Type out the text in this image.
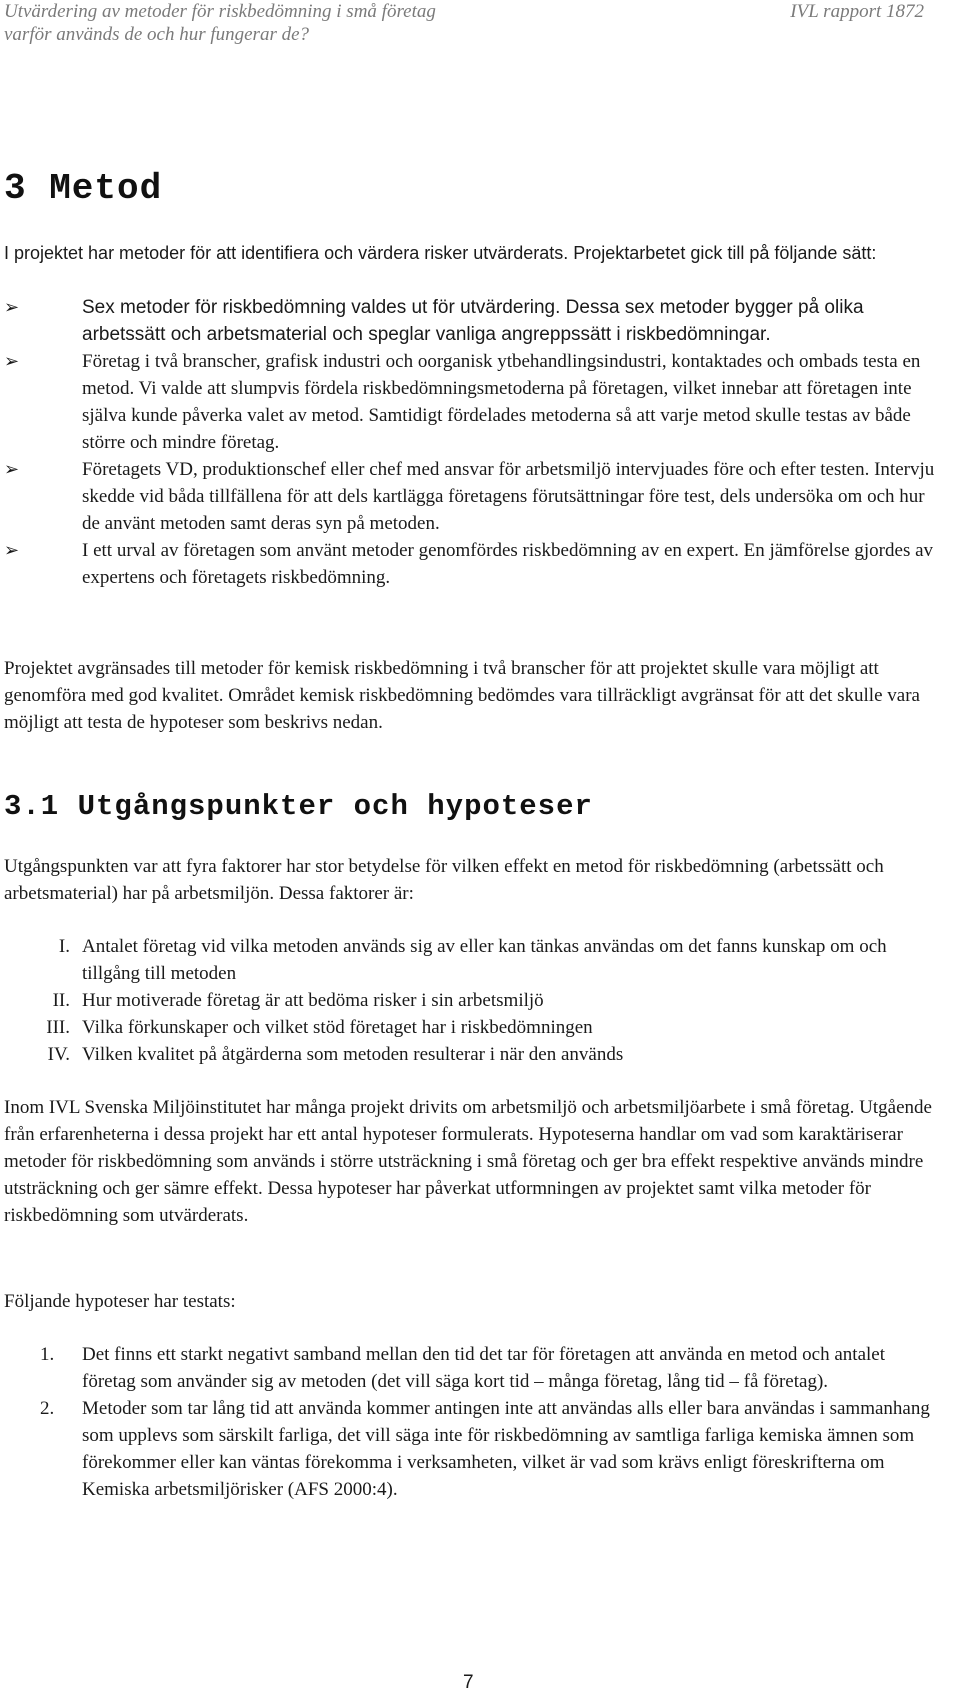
Utvärdering av metoder för riskbedömning i små företag
varför används de och hur fungerar de?
IVL rapport 1872
3 Metod

I projektet har metoder för att identifiera och värdera risker utvärderats. Projektarbetet gick till på följande sätt:

➢	Sex metoder för riskbedömning valdes ut för utvärdering. Dessa sex metoder bygger på olika arbetssätt och arbetsmaterial och speglar vanliga angreppssätt i riskbedömningar.
➢	Företag i två branscher, grafisk industri och oorganisk ytbehandlingsindustri, kontaktades och ombads testa en metod. Vi valde att slumpvis fördela riskbedömningsmetoderna på företagen, vilket innebar att företagen inte själva kunde påverka valet av metod. Samtidigt fördelades metoderna så att varje metod skulle testas av både större och mindre företag.
➢	Företagets VD, produktionschef eller chef med ansvar för arbetsmiljö intervjuades före och efter testen. Intervju skedde vid båda tillfällena för att dels kartlägga företagens förutsättningar före test, dels undersöka om och hur de använt metoden samt deras syn på metoden.
➢	I ett urval av företagen som använt metoder genomfördes riskbedömning av en expert. En jämförelse gjordes av expertens och företagets riskbedömning.

Projektet avgränsades till metoder för kemisk riskbedömning i två branscher för att projektet skulle vara möjligt att genomföra med god kvalitet. Området kemisk riskbedömning bedömdes vara tillräckligt avgränsat för att det skulle vara möjligt att testa de hypoteser som beskrivs nedan.

3.1 Utgångspunkter och hypoteser

Utgångspunkten var att fyra faktorer har stor betydelse för vilken effekt en metod för riskbedömning (arbetssätt och arbetsmaterial) har på arbetsmiljön. Dessa faktorer är:

I. Antalet företag vid vilka metoden används sig av eller kan tänkas användas om det fanns kunskap om och tillgång till metoden
II. Hur motiverade företag är att bedöma risker i sin arbetsmiljö
III. Vilka förkunskaper och vilket stöd företaget har i riskbedömningen
IV. Vilken kvalitet på åtgärderna som metoden resulterar i när den används

Inom IVL Svenska Miljöinstitutet har många projekt drivits om arbetsmiljö och arbetsmiljöarbete i små företag. Utgående från erfarenheterna i dessa projekt har ett antal hypoteser formulerats. Hypoteserna handlar om vad som karaktäriserar metoder för riskbedömning som används i större utsträckning i små företag och ger bra effekt respektive används mindre utsträckning och ger sämre effekt. Dessa hypoteser har påverkat utformningen av projektet samt vilka metoder för riskbedömning som utvärderats.

Följande hypoteser har testats:

1.	Det finns ett starkt negativt samband mellan den tid det tar för företagen att använda en metod och antalet företag som använder sig av metoden (det vill säga kort tid – många företag, lång tid – få företag).
2.	Metoder som tar lång tid att använda kommer antingen inte att användas alls eller bara användas i sammanhang som upplevs som särskilt farliga, det vill säga inte för riskbedömning av samtliga farliga kemiska ämnen som förekommer eller kan väntas förekomma i verksamheten, vilket är vad som krävs enligt föreskrifterna om Kemiska arbetsmiljörisker (AFS 2000:4).
7
